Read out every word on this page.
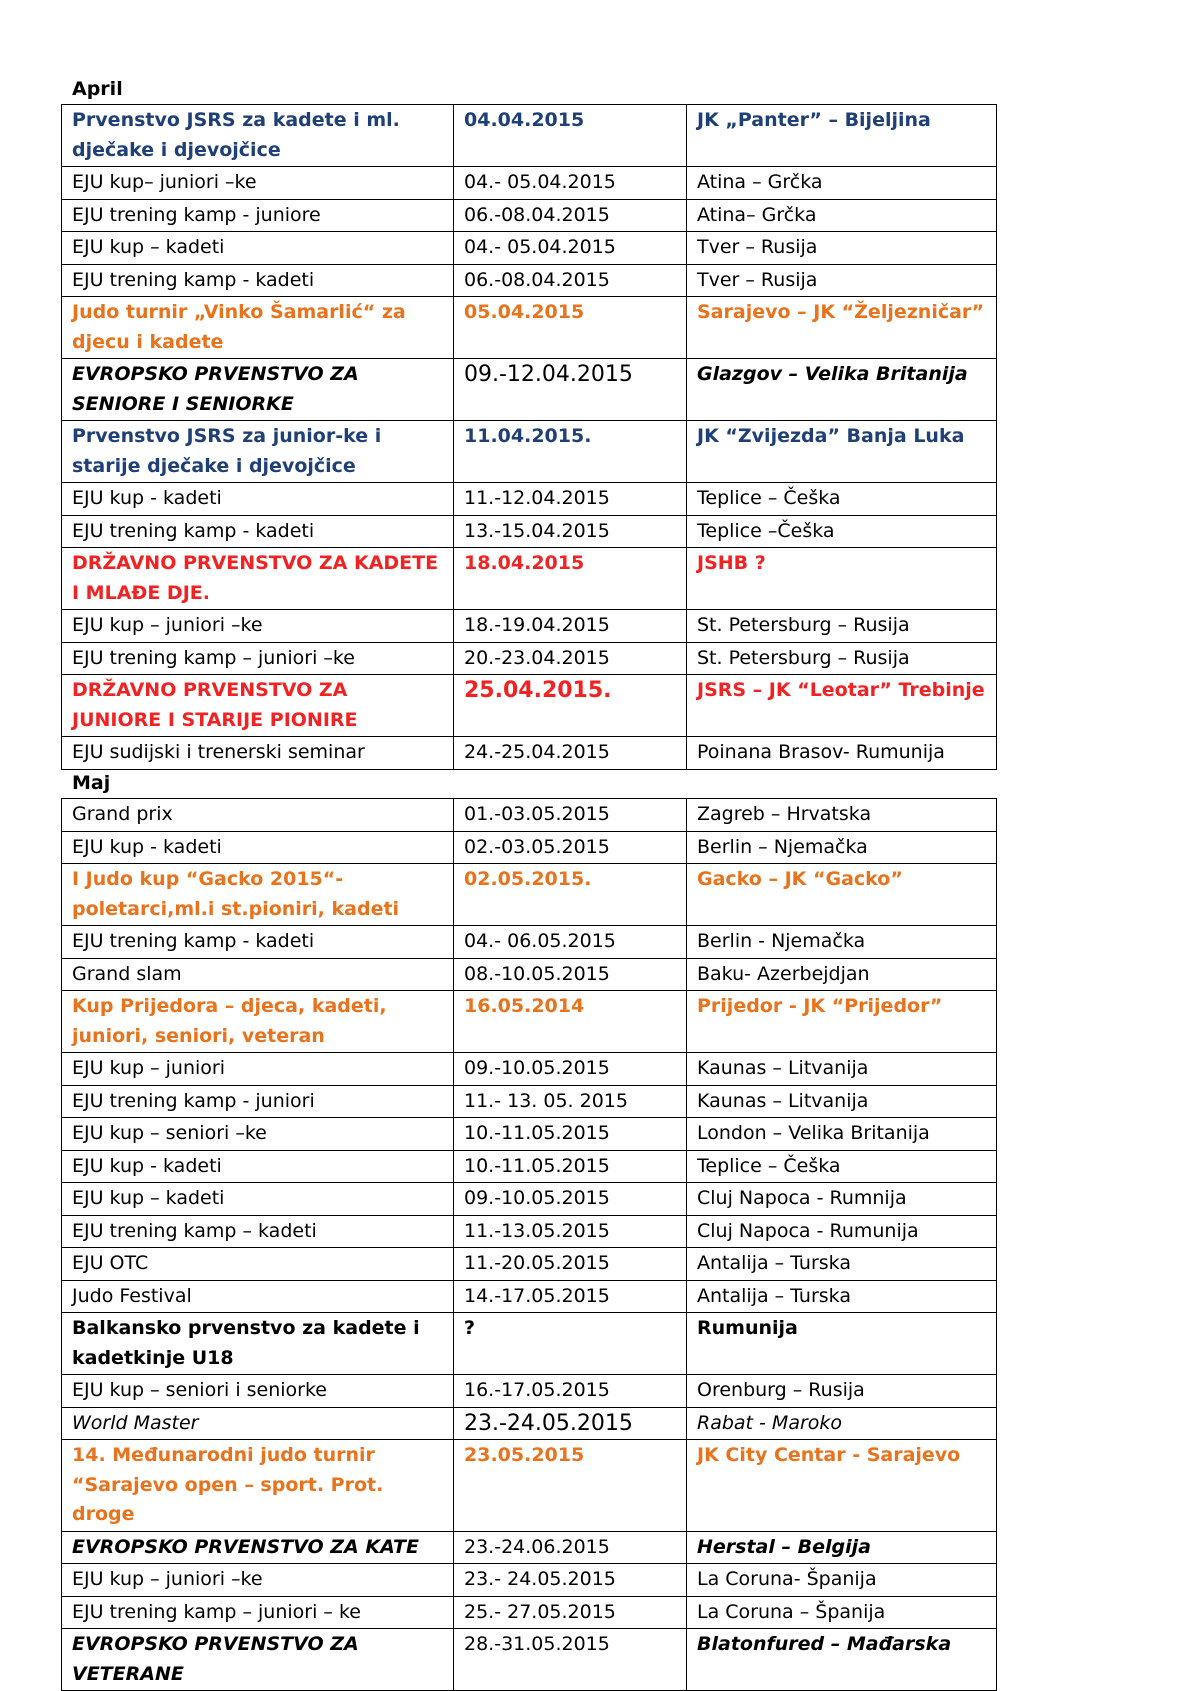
April
Prvenstvo JSRS za kadete i ml. dječake i djevojčice	04.04.2015	JK „Panter” – Bijeljina
EJU kup– juniori –ke	04.- 05.04.2015	Atina – Grčka
EJU trening kamp - juniore	06.-08.04.2015	Atina– Grčka
EJU kup – kadeti	04.- 05.04.2015	Tver – Rusija
EJU trening kamp - kadeti	06.-08.04.2015	Tver – Rusija
Judo turnir „Vinko Šamarlić“ za djecu i kadete	05.04.2015	Sarajevo – JK “Željezničar”
EVROPSKO PRVENSTVO ZA SENIORE I SENIORKE	09.-12.04.2015	Glazgov – Velika Britanija
Prvenstvo JSRS za junior-ke i starije dječake i djevojčice	11.04.2015.	JK “Zvijezda” Banja Luka
EJU kup - kadeti	11.-12.04.2015	Teplice – Češka
EJU trening kamp - kadeti	13.-15.04.2015	Teplice –Češka
DRŽAVNO PRVENSTVO ZA KADETE I MLAĐE DJE.	18.04.2015	JSHB ?
EJU kup – juniori –ke	18.-19.04.2015	St. Petersburg – Rusija
EJU trening kamp – juniori –ke	20.-23.04.2015	St. Petersburg – Rusija
DRŽAVNO PRVENSTVO ZA JUNIORE I STARIJE PIONIRE	25.04.2015.	JSRS – JK “Leotar” Trebinje
EJU sudijski i trenerski seminar	24.-25.04.2015	Poinana Brasov- Rumunija
Maj
Grand prix	01.-03.05.2015	Zagreb – Hrvatska
EJU kup - kadeti	02.-03.05.2015	Berlin – Njemačka
I Judo kup “Gacko 2015“- poletarci,ml.i st.pioniri, kadeti	02.05.2015.	Gacko – JK “Gacko”
EJU trening kamp - kadeti	04.- 06.05.2015	Berlin - Njemačka
Grand slam	08.-10.05.2015	Baku- Azerbejdjan
Kup Prijedora – djeca, kadeti, juniori, seniori, veteran	16.05.2014	Prijedor - JK “Prijedor”
EJU kup – juniori	09.-10.05.2015	Kaunas – Litvanija
EJU trening kamp - juniori	11.- 13. 05. 2015	Kaunas – Litvanija
EJU kup – seniori –ke	10.-11.05.2015	London – Velika Britanija
EJU kup - kadeti	10.-11.05.2015	Teplice – Češka
EJU kup – kadeti	09.-10.05.2015	Cluj Napoca - Rumnija
EJU trening kamp – kadeti	11.-13.05.2015	Cluj Napoca - Rumunija
EJU OTC	11.-20.05.2015	Antalija – Turska
Judo Festival	14.-17.05.2015	Antalija – Turska
Balkansko prvenstvo za kadete i kadetkinje U18	?	Rumunija
EJU kup – seniori i seniorke	16.-17.05.2015	Orenburg – Rusija
World Master	23.-24.05.2015	Rabat - Maroko
14. Međunarodni judo turnir “Sarajevo open – sport. Prot. droge	23.05.2015	JK City Centar - Sarajevo
EVROPSKO PRVENSTVO ZA KATE	23.-24.06.2015	Herstal – Belgija
EJU kup – juniori –ke	23.- 24.05.2015	La Coruna- Španija
EJU trening kamp – juniori – ke	25.- 27.05.2015	La Coruna – Španija
EVROPSKO PRVENSTVO ZA VETERANE	28.-31.05.2015	Blatonfured – Mađarska
